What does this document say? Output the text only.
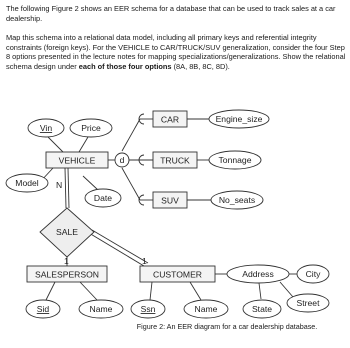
The following Figure 2 shows an EER schema for a database that can be used to track sales at a car dealership.
Map this schema into a relational data model, including all primary keys and referential integrity constraints (foreign keys). For the VEHICLE to CAR/TRUCK/SUV generalization, consider the four Step 8 options presented in the lecture notes for mapping specializations/generalizations. Show the relational schema design under each of those four options (8A, 8B, 8C, 8D).
VEHICLE
CAR
TRUCK
SUV
SALESPERSON	CUSTOMER
d
SALE
Vin	Price
Model
Date
Engine_size
Tonnage
No_seats
Address	City
Street
State
Sid	Name	Ssn	Name
N
1	1
Figure 2: An EER diagram for a car dealership database.
